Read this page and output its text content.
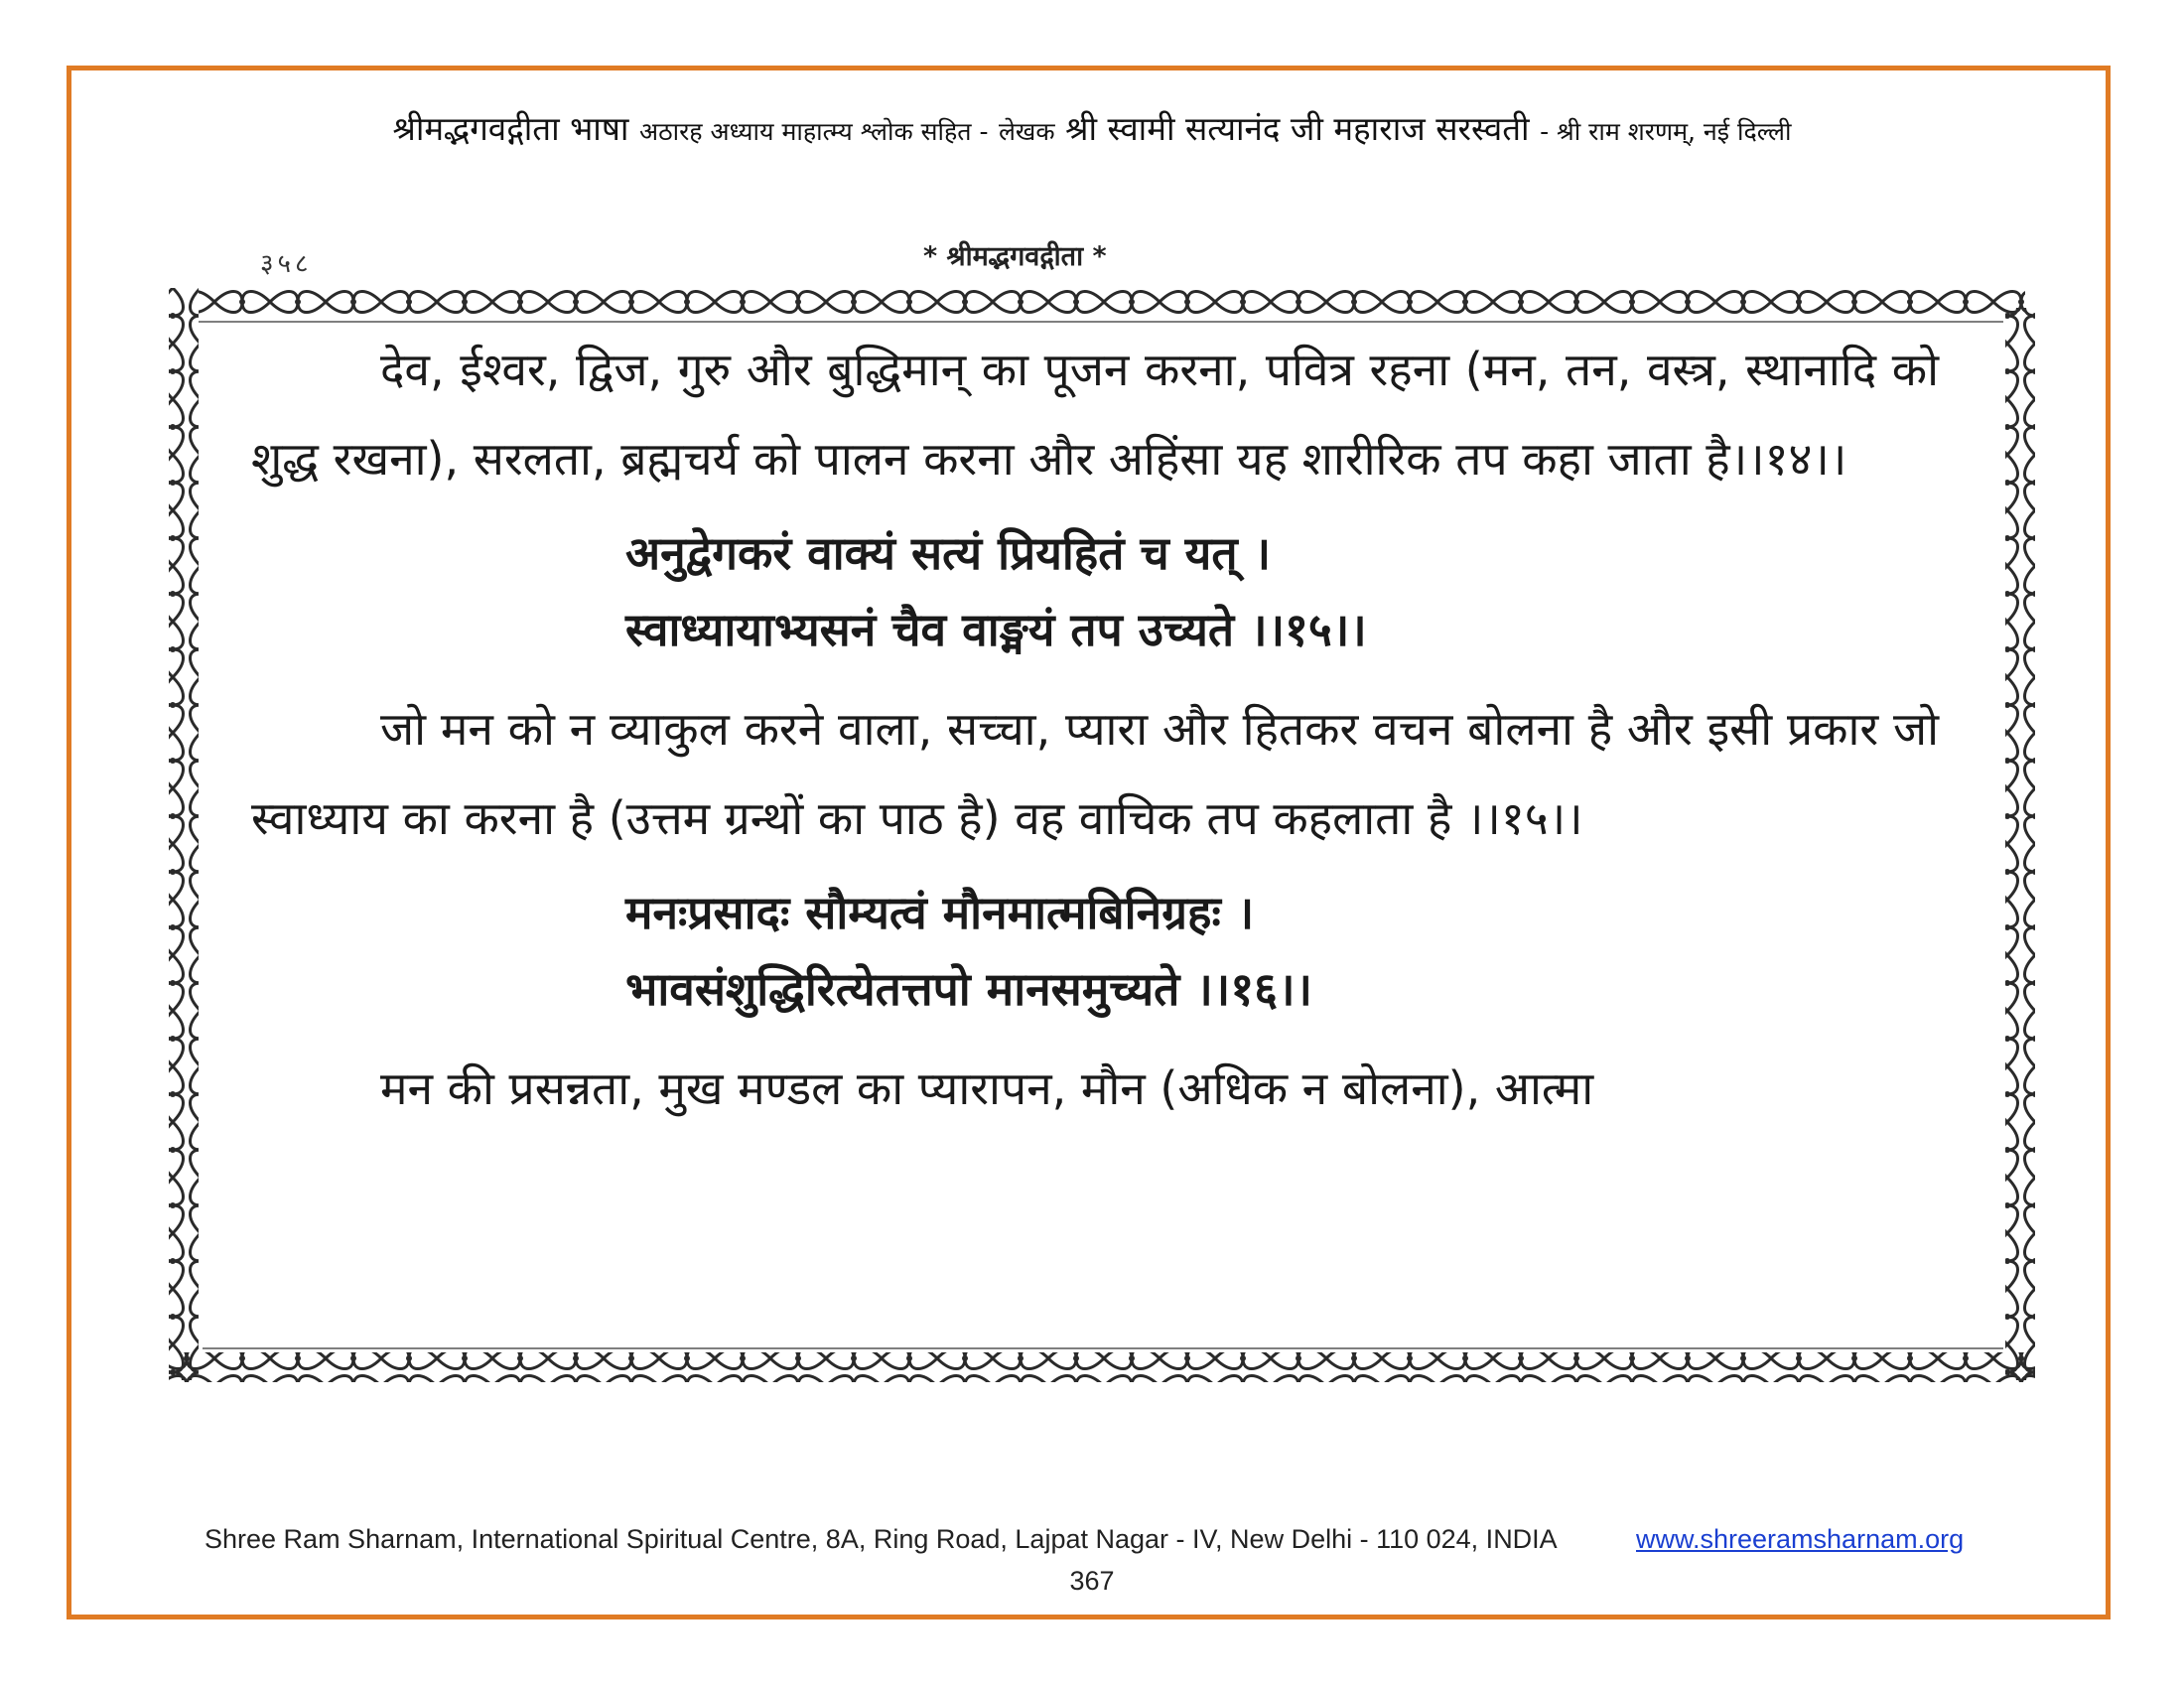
श्रीमद्भगवद्गीता भाषा अठारह अध्याय माहात्म्य श्लोक सहित - लेखक श्री स्वामी सत्यानंद जी महाराज सरस्वती - श्री राम शरणम्, नई दिल्ली
३५८	* श्रीमद्भगवद्गीता *

देव, ईश्वर, द्विज, गुरु और बुद्धिमान् का पूजन करना, पवित्र रहना (मन, तन, वस्त्र, स्थानादि को शुद्ध रखना), सरलता, ब्रह्मचर्य को पालन करना और अहिंसा यह शारीरिक तप कहा जाता है।।१४।।

अनुद्वेगकरं वाक्यं सत्यं प्रियहितं च यत् ।
स्वाध्यायाभ्यसनं चैव वाङ्मयं तप उच्यते ।।१५।।

जो मन को न व्याकुल करने वाला, सच्चा, प्यारा और हितकर वचन बोलना है और इसी प्रकार जो स्वाध्याय का करना है (उत्तम ग्रन्थों का पाठ है) वह वाचिक तप कहलाता है ।।१५।।

मनःप्रसादः सौम्यत्वं मौनमात्मबिनिग्रहः ।
भावसंशुद्धिरित्येतत्तपो मानसमुच्यते ।।१६।।

मन की प्रसन्नता, मुख मण्डल का प्यारापन, मौन (अधिक न बोलना), आत्मा

Shree Ram Sharnam, International Spiritual Centre, 8A, Ring Road, Lajpat Nagar - IV, New Delhi - 110 024, INDIA	www.shreeramsharnam.org
367
